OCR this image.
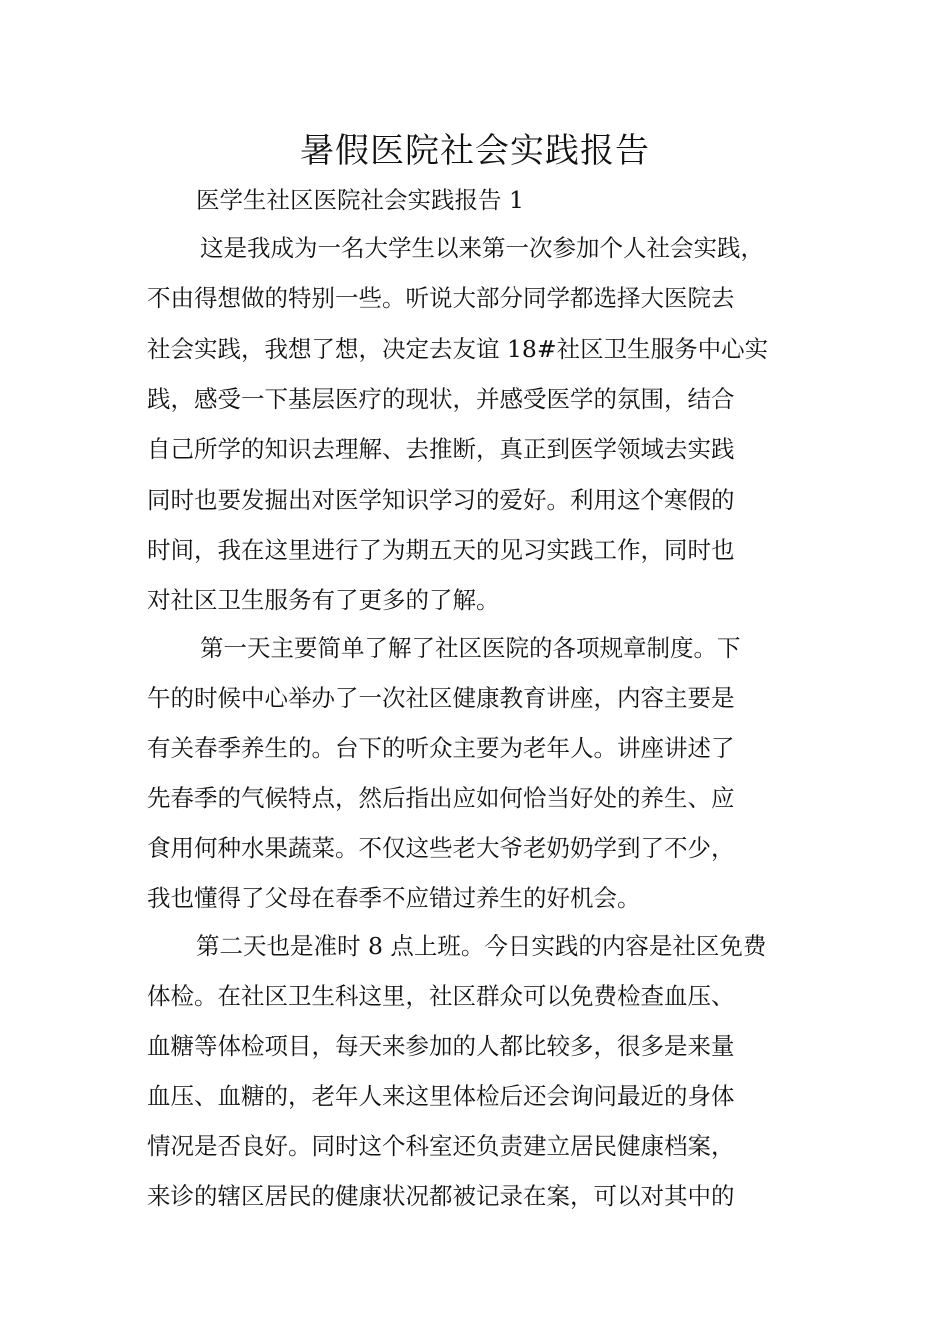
暑假医院社会实践报告
医学生社区医院社会实践报告 1
这是我成为一名大学生以来第一次参加个人社会实践，
不由得想做的特别一些。听说大部分同学都选择大医院去
社会实践，我想了想，决定去友谊 18#社区卫生服务中心实
践，感受一下基层医疗的现状，并感受医学的氛围，结合
自己所学的知识去理解、去推断，真正到医学领域去实践
同时也要发掘出对医学知识学习的爱好。利用这个寒假的
时间，我在这里进行了为期五天的见习实践工作，同时也
对社区卫生服务有了更多的了解。
第一天主要简单了解了社区医院的各项规章制度。下
午的时候中心举办了一次社区健康教育讲座，内容主要是
有关春季养生的。台下的听众主要为老年人。讲座讲述了
先春季的气候特点，然后指出应如何恰当好处的养生、应
食用何种水果蔬菜。不仅这些老大爷老奶奶学到了不少，
我也懂得了父母在春季不应错过养生的好机会。
第二天也是准时 8 点上班。今日实践的内容是社区免费
体检。在社区卫生科这里，社区群众可以免费检查血压、
血糖等体检项目，每天来参加的人都比较多，很多是来量
血压、血糖的，老年人来这里体检后还会询问最近的身体
情况是否良好。同时这个科室还负责建立居民健康档案，
来诊的辖区居民的健康状况都被记录在案，可以对其中的
